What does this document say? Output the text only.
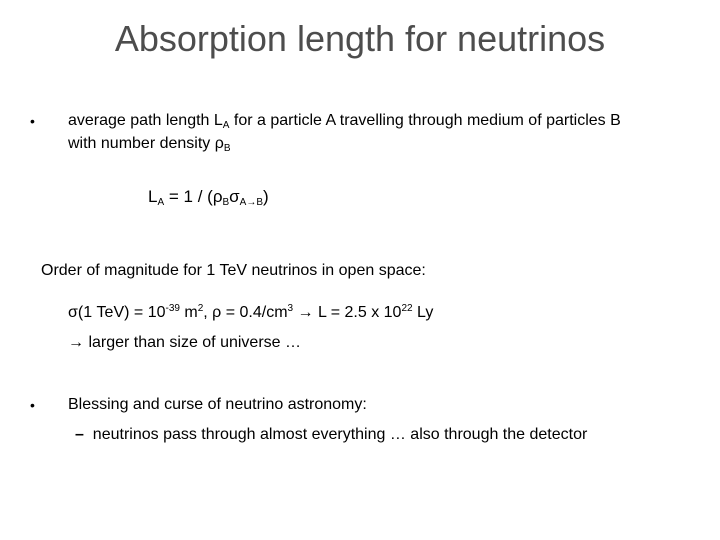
Absorption length for neutrinos
• average path length $L_A$ for a particle A travelling through medium of particles B
with number density $\rho_B$
$L_A = 1 / (\rho_B\sigma_{A\to B})$
Order of magnitude for 1 TeV neutrinos in open space:
σ(1 $TeV) = 10^{-39}$ $m^2$, $\rho = 0.4/cm^3 \to L = 2.5$ x $10^{22}$ Ly
→ larger than size of universe …
• Blessing and curse of neutrino astronomy:
– neutrinos pass through almost everything … also through the detector
